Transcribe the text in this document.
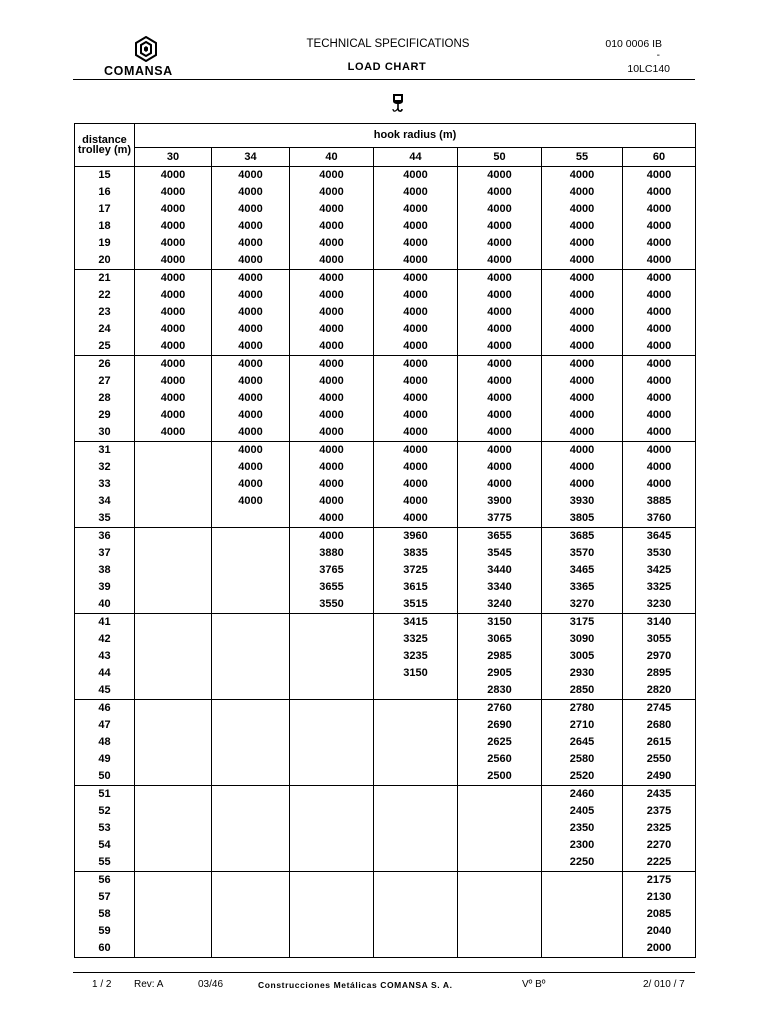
COMANSA
TECHNICAL SPECIFICATIONS
LOAD CHART
010 0006 IB
-
10LC140
distance trolley (m)	hook radius (m)						
	30	34	40	44	50	55	60
15	4000	4000	4000	4000	4000	4000	4000
16	4000	4000	4000	4000	4000	4000	4000
17	4000	4000	4000	4000	4000	4000	4000
18	4000	4000	4000	4000	4000	4000	4000
19	4000	4000	4000	4000	4000	4000	4000
20	4000	4000	4000	4000	4000	4000	4000
21	4000	4000	4000	4000	4000	4000	4000
22	4000	4000	4000	4000	4000	4000	4000
23	4000	4000	4000	4000	4000	4000	4000
24	4000	4000	4000	4000	4000	4000	4000
25	4000	4000	4000	4000	4000	4000	4000
26	4000	4000	4000	4000	4000	4000	4000
27	4000	4000	4000	4000	4000	4000	4000
28	4000	4000	4000	4000	4000	4000	4000
29	4000	4000	4000	4000	4000	4000	4000
30	4000	4000	4000	4000	4000	4000	4000
31		4000	4000	4000	4000	4000	4000
32		4000	4000	4000	4000	4000	4000
33		4000	4000	4000	4000	4000	4000
34		4000	4000	4000	3900	3930	3885
35			4000	4000	3775	3805	3760
36			4000	3960	3655	3685	3645
37			3880	3835	3545	3570	3530
38			3765	3725	3440	3465	3425
39			3655	3615	3340	3365	3325
40			3550	3515	3240	3270	3230
41				3415	3150	3175	3140
42				3325	3065	3090	3055
43				3235	2985	3005	2970
44				3150	2905	2930	2895
45					2830	2850	2820
46					2760	2780	2745
47					2690	2710	2680
48					2625	2645	2615
49					2560	2580	2550
50					2500	2520	2490
51						2460	2435
52						2405	2375
53						2350	2325
54						2300	2270
55						2250	2225
56							2175
57							2130
58							2085
59							2040
60							2000
1 / 2 Rev: A	03/46	Construcciones Metálicas COMANSA S. A.	Vº Bº	2/ 010 / 7
